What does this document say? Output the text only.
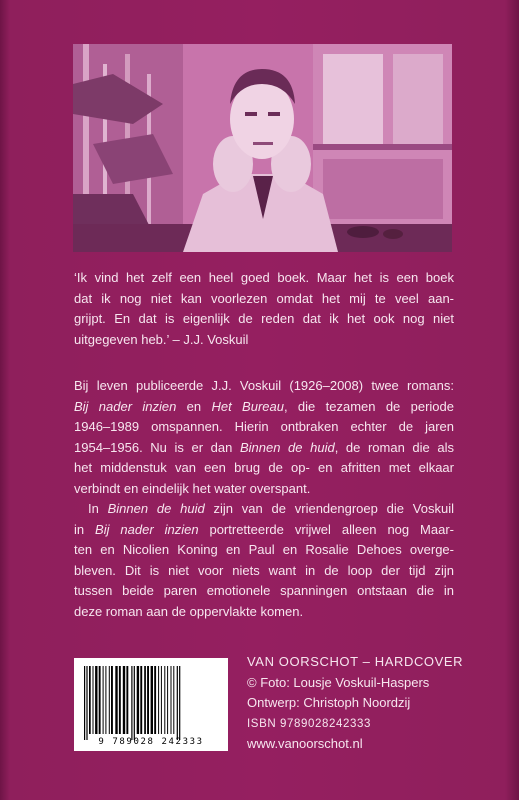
‘Ik vind het zelf een heel goed boek. Maar het is een boek
dat ik nog niet kan voorlezen omdat het mij te veel aan-
grijpt. En dat is eigenlijk de reden dat ik het ook nog niet
uitgegeven heb.’ – J.J. Voskuil

Bij leven publiceerde J.J. Voskuil (1926–2008) twee romans:
Bij nader inzien en Het Bureau, die tezamen de periode
1946–1989 omspannen. Hierin ontbraken echter de jaren
1954–1956. Nu is er dan Binnen de huid, de roman die als
het middenstuk van een brug de op- en afritten met elkaar
verbindt en eindelijk het water overspant.

In Binnen de huid zijn van de vriendengroep die Voskuil
in Bij nader inzien portretteerde vrijwel alleen nog Maar-
ten en Nicolien Koning en Paul en Rosalie Dehoes overge-
bleven. Dit is niet voor niets want in de loop der tijd zijn
tussen beide paren emotionele spanningen ontstaan die in
deze roman aan de oppervlakte komen.

9 789028 242333
VAN OORSCHOT – HARDCOVER
© Foto: Lousje Voskuil-Haspers
Ontwerp: Christoph Noordzij
ISBN 9789028242333
www.vanoorschot.nl
